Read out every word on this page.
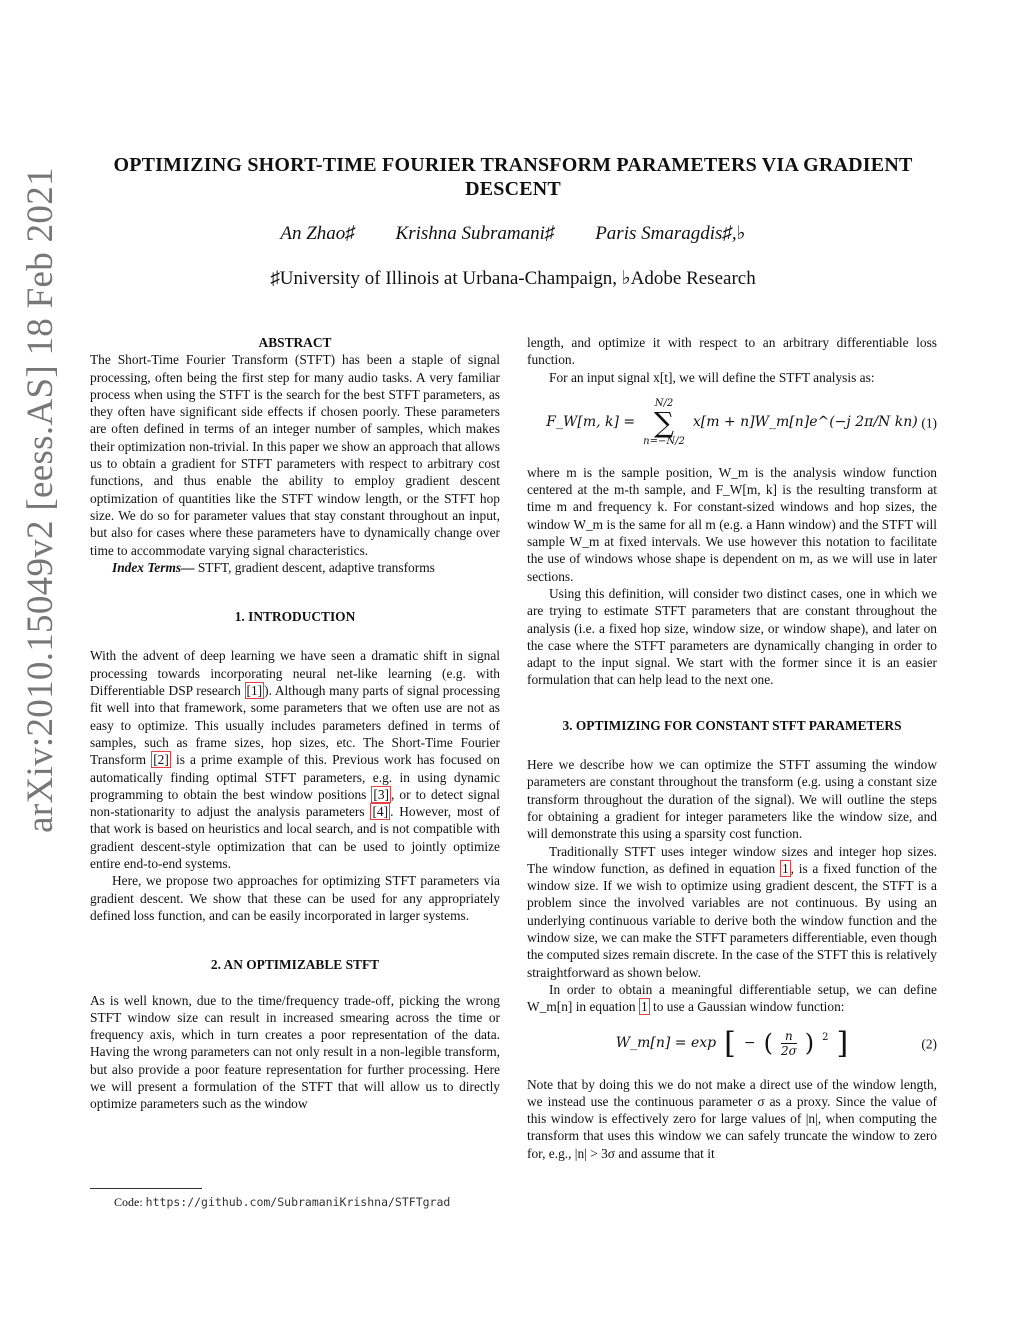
arXiv:2010.15049v2 [eess.AS] 18 Feb 2021
OPTIMIZING SHORT-TIME FOURIER TRANSFORM PARAMETERS VIA GRADIENT DESCENT
An Zhao♯ Krishna Subramani♯ Paris Smaragdis♯,♭
♯University of Illinois at Urbana-Champaign, ♭Adobe Research

ABSTRACT

The Short-Time Fourier Transform (STFT) has been a staple of signal processing, often being the first step for many audio tasks. A very familiar process when using the STFT is the search for the best STFT parameters, as they often have significant side effects if chosen poorly. These parameters are often defined in terms of an integer number of samples, which makes their optimization non-trivial. In this paper we show an approach that allows us to obtain a gradient for STFT parameters with respect to arbitrary cost functions, and thus enable the ability to employ gradient descent optimization of quantities like the STFT window length, or the STFT hop size. We do so for parameter values that stay constant throughout an input, but also for cases where these parameters have to dynamically change over time to accommodate varying signal characteristics.

Index Terms— STFT, gradient descent, adaptive transforms

1. INTRODUCTION

With the advent of deep learning we have seen a dramatic shift in signal processing towards incorporating neural net-like learning (e.g. with Differentiable DSP research [1] ). Although many parts of signal processing fit well into that framework, some parameters that we often use are not as easy to optimize. This usually includes parameters defined in terms of samples, such as frame sizes, hop sizes, etc. The Short-Time Fourier Transform [2] is a prime example of this. Previous work has focused on automatically finding optimal STFT parameters, e.g. in using dynamic programming to obtain the best window positions [3] , or to detect signal non-stationarity to adjust the analysis parameters [4] . However, most of that work is based on heuristics and local search, and is not compatible with gradient descent-style optimization that can be used to jointly optimize entire end-to-end systems.

Here, we propose two approaches for optimizing STFT parameters via gradient descent. We show that these can be used for any appropriately defined loss function, and can be easily incorporated in larger systems.

2. AN OPTIMIZABLE STFT

As is well known, due to the time/frequency trade-off, picking the wrong STFT window size can result in increased smearing across the time or frequency axis, which in turn creates a poor representation of the data. Having the wrong parameters can not only result in a non-legible transform, but also provide a poor feature representation for further processing. Here we will present a formulation of the STFT that will allow us to directly optimize parameters such as the window

length, and optimize it with respect to an arbitrary differentiable loss function.

For an input signal x[t], we will define the STFT analysis as:

F_W[m, k] =
N/2
∑
n=−N/2
x[m + n]W_m[n]e^(−j 2π/N kn) (1)

where m is the sample position, W_m is the analysis window function centered at the m-th sample, and F_W[m, k] is the resulting transform at time m and frequency k. For constant-sized windows and hop sizes, the window W_m is the same for all m (e.g. a Hann window) and the STFT will sample W_m at fixed intervals. We use however this notation to facilitate the use of windows whose shape is dependent on m, as we will use in later sections.

Using this definition, will consider two distinct cases, one in which we are trying to estimate STFT parameters that are constant throughout the analysis (i.e. a fixed hop size, window size, or window shape), and later on the case where the STFT parameters are dynamically changing in order to adapt to the input signal. We start with the former since it is an easier formulation that can help lead to the next one.

3. OPTIMIZING FOR CONSTANT STFT PARAMETERS

Here we describe how we can optimize the STFT assuming the window parameters are constant throughout the transform (e.g. using a constant size transform throughout the duration of the signal). We will outline the steps for obtaining a gradient for integer parameters like the window size, and will demonstrate this using a sparsity cost function.

Traditionally STFT uses integer window sizes and integer hop sizes. The window function, as defined in equation 1 , is a fixed function of the window size. If we wish to optimize using gradient descent, the STFT is a problem since the involved variables are not continuous. By using an underlying continuous variable to derive both the window function and the window size, we can make the STFT parameters differentiable, even though the computed sizes remain discrete. In the case of the STFT this is relatively straightforward as shown below.

In order to obtain a meaningful differentiable setup, we can define W_m[n] in equation 1 to use a Gaussian window function:

W_m[n] = exp [ − ( $\frac{n}{2\sigma}$ ) $^2$ ]	(2)

Note that by doing this we do not make a direct use of the window length, we instead use the continuous parameter σ as a proxy. Since the value of this window is effectively zero for large values of |n|, when computing the transform that uses this window we can safely truncate the window to zero for, e.g., |n| > 3σ and assume that it

Code: https://github.com/SubramaniKrishna/STFTgrad
